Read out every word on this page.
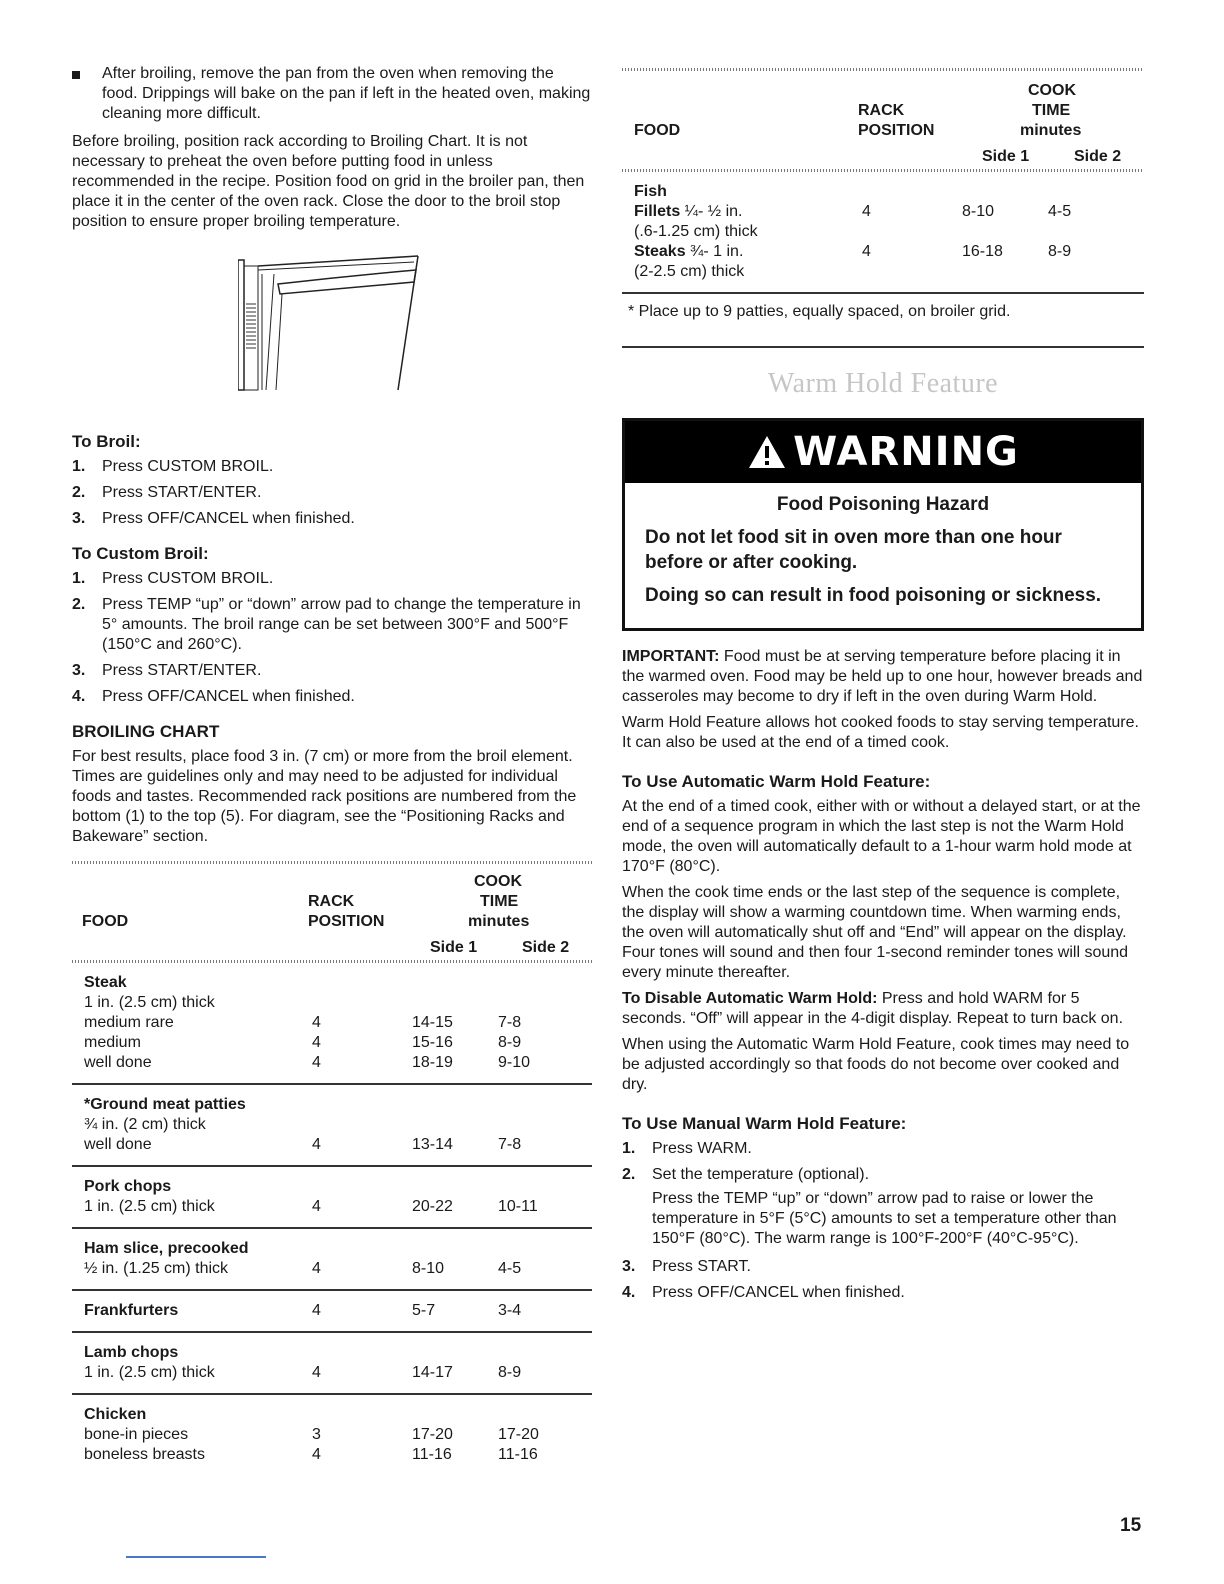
After broiling, remove the pan from the oven when removing the food. Drippings will bake on the pan if left in the heated oven, making cleaning more difficult.

Before broiling, position rack according to Broiling Chart. It is not necessary to preheat the oven before putting food in unless recommended in the recipe. Position food on grid in the broiler pan, then place it in the center of the oven rack. Close the door to the broil stop position to ensure proper broiling temperature.

To Broil:
1. Press CUSTOM BROIL.
2. Press START/ENTER.
3. Press OFF/CANCEL when finished.
To Custom Broil:
1. Press CUSTOM BROIL.
2. Press TEMP “up” or “down” arrow pad to change the temperature in 5° amounts. The broil range can be set between 300°F and 500°F (150°C and 260°C).
3. Press START/ENTER.
4. Press OFF/CANCEL when finished.
BROILING CHART

For best results, place food 3 in. (7 cm) or more from the broil element. Times are guidelines only and may need to be adjusted for individual foods and tastes. Recommended rack positions are numbered from the bottom (1) to the top (5). For diagram, see the “Positioning Racks and Bakeware” section.

FOOD
RACK
POSITION
COOK
TIME
minutes
Side 1	Side 2
Steak
1 in. (2.5 cm) thick
medium rare	4	14-15	7-8
medium	4	15-16	8-9
well done	4	18-19	9-10
*Ground meat patties
¾ in. (2 cm) thick
well done	4	13-14	7-8
Pork chops
1 in. (2.5 cm) thick	4	20-22	10-11
Ham slice, precooked
½ in. (1.25 cm) thick	4	8-10	4-5
Frankfurters	4	5-7	3-4
Lamb chops
1 in. (2.5 cm) thick	4	14-17	8-9
Chicken
bone-in pieces	3	17-20	17-20
boneless breasts	4	11-16	11-16
FOOD
RACK
POSITION
COOK
TIME
minutes
Side 1	Side 2
Fish
Fillets ¼- ½ in.	4	8-10	4-5
(.6-1.25 cm) thick
Steaks ¾- 1 in.	4	16-18	8-9
(2-2.5 cm) thick

* Place up to 9 patties, equally spaced, on broiler grid.

Warm Hold Feature
WARNING
Food Poisoning Hazard
Do not let food sit in oven more than one hour before or after cooking.
Doing so can result in food poisoning or sickness.

IMPORTANT: Food must be at serving temperature before placing it in the warmed oven. Food may be held up to one hour, however breads and casseroles may become to dry if left in the oven during Warm Hold.

Warm Hold Feature allows hot cooked foods to stay serving temperature. It can also be used at the end of a timed cook.

To Use Automatic Warm Hold Feature:

At the end of a timed cook, either with or without a delayed start, or at the end of a sequence program in which the last step is not the Warm Hold mode, the oven will automatically default to a 1-hour warm hold mode at 170°F (80°C).

When the cook time ends or the last step of the sequence is complete, the display will show a warming countdown time. When warming ends, the oven will automatically shut off and “End” will appear on the display. Four tones will sound and then four 1-second reminder tones will sound every minute thereafter.

To Disable Automatic Warm Hold: Press and hold WARM for 5 seconds. “Off” will appear in the 4-digit display. Repeat to turn back on.

When using the Automatic Warm Hold Feature, cook times may need to be adjusted accordingly so that foods do not become over cooked and dry.

To Use Manual Warm Hold Feature:
1. Press WARM.
2. Set the temperature (optional).
Press the TEMP “up” or “down” arrow pad to raise or lower the temperature in 5°F (5°C) amounts to set a temperature other than 150°F (80°C). The warm range is 100°F-200°F (40°C-95°C).
3. Press START.
4. Press OFF/CANCEL when finished.
15
